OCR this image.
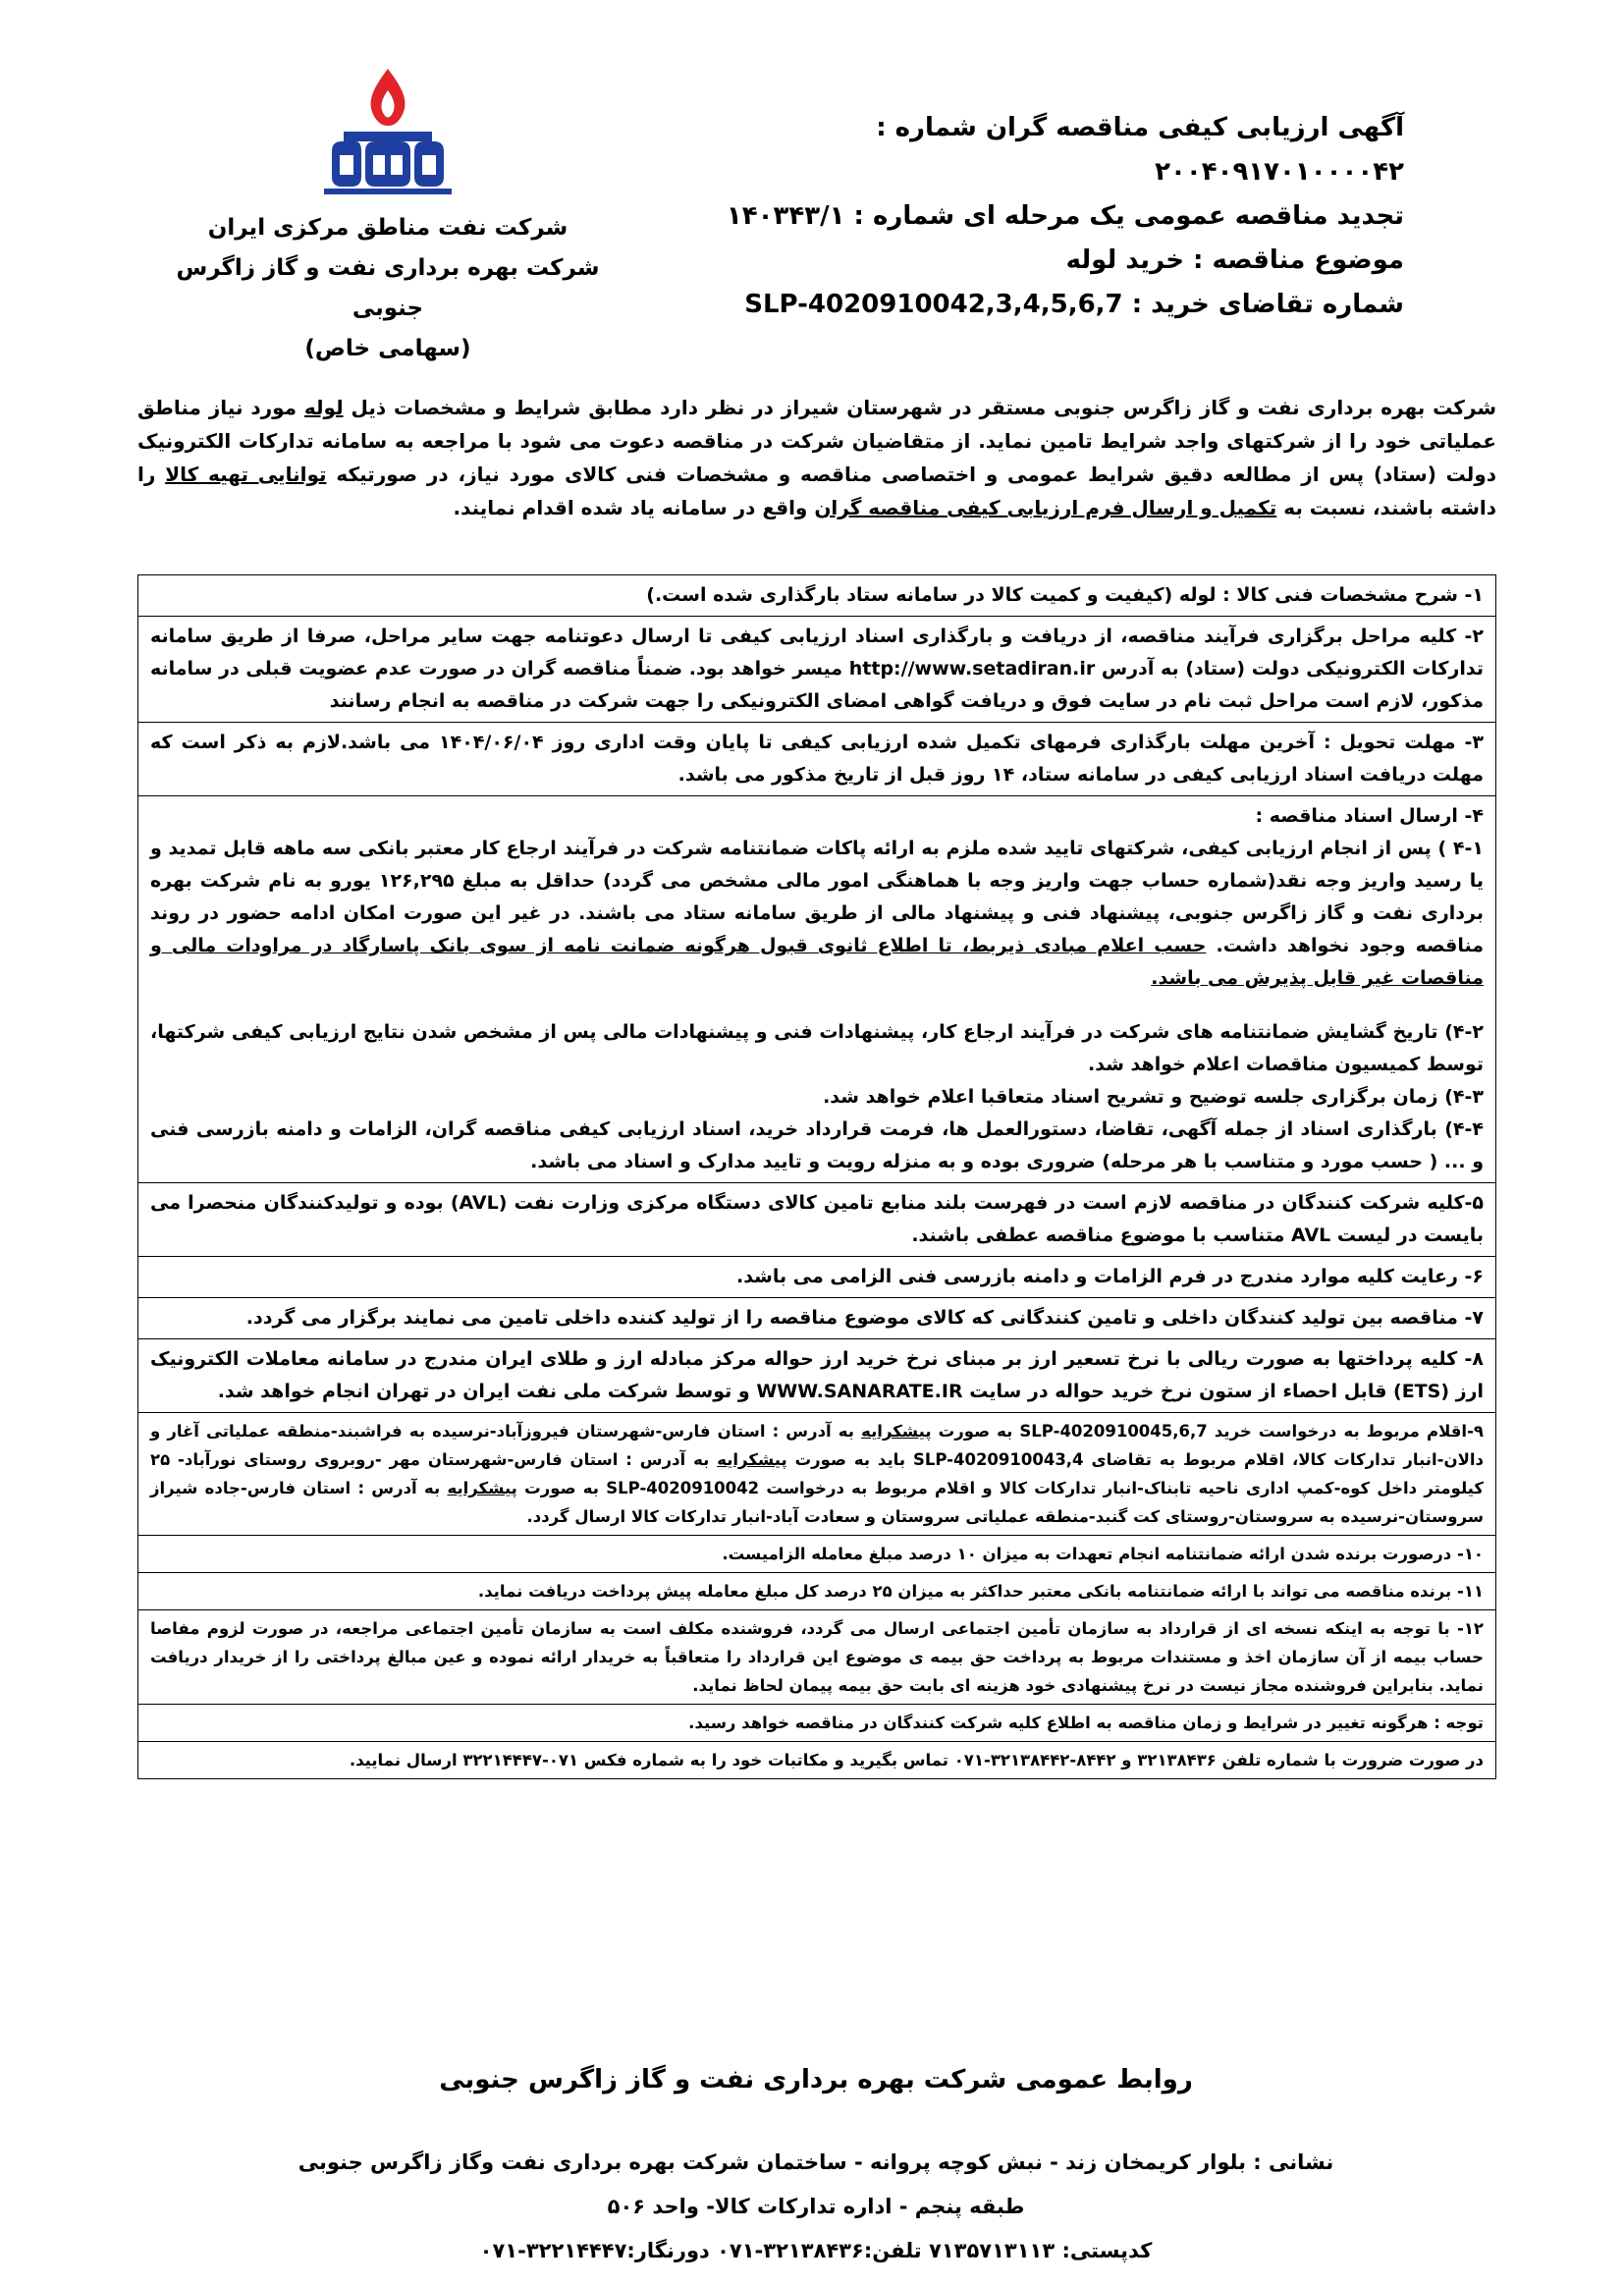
شرکت نفت مناطق مرکزی ایران
شرکت بهره برداری نفت و گاز زاگرس جنوبی
(سهامی خاص)
آگهی ارزیابی کیفی مناقصه گران شماره : ۲۰۰۴۰۹۱۷۰۱۰۰۰۰۴۲
تجدید مناقصه عمومی یک مرحله ای شماره : ۱۴۰۳۴۳/۱
موضوع مناقصه : خرید لوله
شماره تقاضای خرید : SLP-4020910042,3,4,5,6,7
شرکت بهره برداری نفت و گاز زاگرس جنوبی مستقر در شهرستان شیراز در نظر دارد مطابق شرایط و مشخصات ذیل لوله مورد نیاز مناطق عملیاتی خود را از شرکتهای واجد شرایط تامین نماید. از متقاضیان شرکت در مناقصه دعوت می شود با مراجعه به سامانه تدارکات الکترونیک دولت (ستاد) پس از مطالعه دقیق شرایط عمومی و اختصاصی مناقصه و مشخصات فنی کالای مورد نیاز، در صورتیکه توانایی تهیه کالا را داشته باشند، نسبت به تکمیل و ارسال فرم ارزیابی کیفی مناقصه گران واقع در سامانه یاد شده اقدام نمایند.

۱- شرح مشخصات فنی کالا : لوله (کیفیت و کمیت کالا در سامانه ستاد بارگذاری شده است.)

۲- کلیه مراحل برگزاری فرآیند مناقصه، از دریافت و بارگذاری اسناد ارزیابی کیفی تا ارسال دعوتنامه جهت سایر مراحل، صرفا از طریق سامانه تدارکات الکترونیکی دولت (ستاد) به آدرس http://www.setadiran.ir میسر خواهد بود. ضمناً مناقصه گران در صورت عدم عضویت قبلی در سامانه مذکور، لازم است مراحل ثبت نام در سایت فوق و دریافت گواهی امضای الکترونیکی را جهت شرکت در مناقصه به انجام رسانند

۳- مهلت تحویل : آخرین مهلت بارگذاری فرمهای تکمیل شده ارزیابی کیفی تا پایان وقت اداری روز ۱۴۰۴/۰۶/۰۴ می باشد.لازم به ذکر است که مهلت دریافت اسناد ارزیابی کیفی در سامانه ستاد، ۱۴ روز قبل از تاریخ مذکور می باشد.

۴- ارسال اسناد مناقصه :

۴-۱ ) پس از انجام ارزیابی کیفی، شرکتهای تایید شده ملزم به ارائه پاکات ضمانتنامه شرکت در فرآیند ارجاع کار معتبر بانکی سه ماهه قابل تمدید و یا رسید واریز وجه نقد(شماره حساب جهت واریز وجه با هماهنگی امور مالی مشخص می گردد) حداقل به مبلغ ۱۲۶,۲۹۵ یورو به نام شرکت بهره برداری نفت و گاز زاگرس جنوبی، پیشنهاد فنی و پیشنهاد مالی از طریق سامانه ستاد می باشند. در غیر این صورت امکان ادامه حضور در روند مناقصه وجود نخواهد داشت. حسب اعلام مبادی ذیربط، تا اطلاع ثانوی قبول هرگونه ضمانت نامه از سوی بانک پاسارگاد در مراودات مالی و مناقصات غیر قابل پذیرش می باشد.

۴-۲) تاریخ گشایش ضمانتنامه های شرکت در فرآیند ارجاع کار، پیشنهادات فنی و پیشنهادات مالی پس از مشخص شدن نتایج ارزیابی کیفی شرکتها، توسط کمیسیون مناقصات اعلام خواهد شد.

۴-۳) زمان برگزاری جلسه توضیح و تشریح اسناد متعاقبا اعلام خواهد شد.

۴-۴) بارگذاری اسناد از جمله آگهی، تقاضا، دستورالعمل ها، فرمت قرارداد خرید، اسناد ارزیابی کیفی مناقصه گران، الزامات و دامنه بازرسی فنی و ... ( حسب مورد و متناسب با هر مرحله) ضروری بوده و به منزله رویت و تایید مدارک و اسناد می باشد.

۵-کلیه شرکت کنندگان در مناقصه لازم است در فهرست بلند منابع تامین کالای دستگاه مرکزی وزارت نفت (AVL) بوده و تولیدکنندگان منحصرا می بایست در لیست AVL متناسب با موضوع مناقصه عطفی باشند.

۶- رعایت کلیه موارد مندرج در فرم الزامات و دامنه بازرسی فنی الزامی می باشد.

۷- مناقصه بین تولید کنندگان داخلی و تامین کنندگانی که کالای موضوع مناقصه را از تولید کننده داخلی تامین می نمایند برگزار می گردد.

۸- کلیه پرداختها به صورت ریالی با نرخ تسعیر ارز بر مبنای نرخ خرید ارز حواله مرکز مبادله ارز و طلای ایران مندرج در سامانه معاملات الکترونیک ارز (ETS) قابل احصاء از ستون نرخ خرید حواله در سایت WWW.SANARATE.IR و توسط شرکت ملی نفت ایران در تهران انجام خواهد شد.

۹-اقلام مربوط به درخواست خرید SLP-4020910045,6,7 به صورت پیشکرایه به آدرس : استان فارس-شهرستان فیروزآباد-نرسیده به فراشبند-منطقه عملیاتی آغار و دالان-انبار تدارکات کالا، اقلام مربوط به تقاضای SLP-4020910043,4 باید به صورت پیشکرایه به آدرس : استان فارس-شهرستان مهر -روبروی روستای نورآباد- ۲۵ کیلومتر داخل کوه-کمپ اداری ناحیه تابناک-انبار تدارکات کالا و اقلام مربوط به درخواست SLP-4020910042 به صورت پیشکرایه به آدرس : استان فارس-جاده شیراز سروستان-نرسیده به سروستان-روستای کت گنبد-منطقه عملیاتی سروستان و سعادت آباد-انبار تدارکات کالا ارسال گردد.

۱۰- درصورت برنده شدن ارائه ضمانتنامه انجام تعهدات به میزان ۱۰ درصد مبلغ معامله الزامیست.

۱۱- برنده مناقصه می تواند با ارائه ضمانتنامه بانکی معتبر حداکثر به میزان ۲۵ درصد کل مبلغ معامله پیش پرداخت دریافت نماید.

۱۲- با توجه به اینکه نسخه ای از قرارداد به سازمان تأمین اجتماعی ارسال می گردد، فروشنده مکلف است به سازمان تأمین اجتماعی مراجعه، در صورت لزوم مفاصا حساب بیمه از آن سازمان اخذ و مستندات مربوط به پرداخت حق بیمه ی موضوع این قرارداد را متعاقباً به خریدار ارائه نموده و عین مبالغ پرداختی را از خریدار دریافت نماید. بنابراین فروشنده مجاز نیست در نرخ پیشنهادی خود هزینه ای بابت حق بیمه پیمان لحاظ نماید.

توجه : هرگونه تغییر در شرایط و زمان مناقصه به اطلاع کلیه شرکت کنندگان در مناقصه خواهد رسید.

در صورت ضرورت با شماره تلفن ۳۲۱۳۸۴۳۶ و ۸۴۴۲-۳۲۱۳۸۴۴۲-۰۷۱ تماس بگیرید و مکاتبات خود را به شماره فکس ۰۷۱-۳۲۲۱۴۴۴۷ ارسال نمایید.

روابط عمومی شرکت بهره برداری نفت و گاز زاگرس جنوبی
نشانی : بلوار کریمخان زند - نبش کوچه پروانه - ساختمان شرکت بهره برداری نفت وگاز زاگرس جنوبی
طبقه پنجم - اداره تدارکات کالا- واحد ۵۰۶
کدپستی: ۷۱۳۵۷۱۳۱۱۳ تلفن:۳۲۱۳۸۴۳۶-۰۷۱ دورنگار:۳۲۲۱۴۴۴۷-۰۷۱
